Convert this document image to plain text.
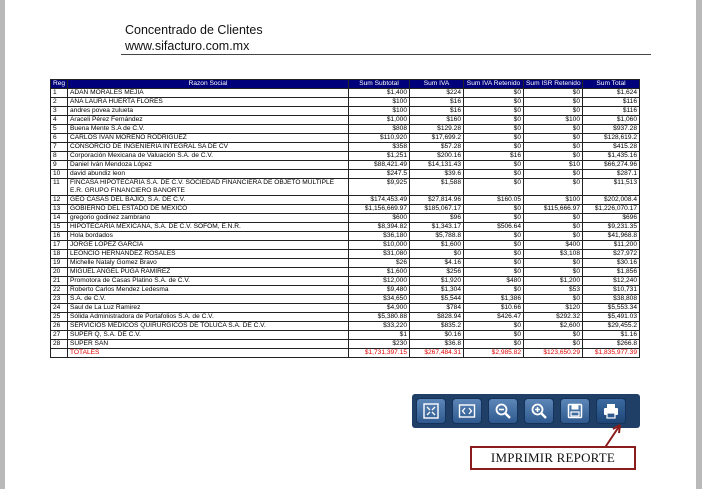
Concentrado de Clientes
www.sifacturo.com.mx
Reg	Razon Social	Sum Subtotal	Sum IVA	Sum IVA Retenido	Sum ISR Retenido	Sum Total
1	ADAN MORALES MEJIA	$1,400	$224	$0	$0	$1,624
2	ANA LAURA HUERTA FLORES	$100	$16	$0	$0	$116
3	andres povea zulueta	$100	$16	$0	$0	$116
4	Araceli Pérez Fernández	$1,000	$160	$0	$100	$1,060
5	Buena Mente S.A de C.V.	$808	$129.28	$0	$0	$937.28
6	CARLOS IVAN MORENO RODRIGUEZ	$110,920	$17,699.2	$0	$0	$128,619.2
7	CONSORCIO DE INGENIERIA INTEGRAL SA DE CV	$358	$57.28	$0	$0	$415.28
8	Corporación Mexicana de Valuación S.A. de C.V.	$1,251	$200.16	$16	$0	$1,435.16
9	Daniel Iván Mendoza López	$88,421.49	$14,131.43	$0	$10	$66,274.96
10	david abundiz leon	$247.5	$39.6	$0	$0	$287.1
11	FINCASA HIPOTECARIA S.A. DE C.V. SOCIEDAD FINANCIERA DE OBJETO MULTIPLE E.R. GRUPO FINANCIERO BANORTE	$9,925	$1,588	$0	$0	$11,513
12	GEO CASAS DEL BAJIO, S.A. DE C.V.	$174,453.49	$27,814.96	$160.05	$100	$202,008.4
13	GOBIERNO DEL ESTADO DE MEXICO	$1,156,669.97	$185,067.17	$0	$115,666.97	$1,226,070.17
14	gregorio godinez zambrano	$600	$96	$0	$0	$696
15	HIPOTECARIA MEXICANA, S.A. DE C.V. SOFOM, E.N.R.	$8,394.82	$1,343.17	$506.64	$0	$9,231.35
16	Hola bordados	$36,180	$5,788.8	$0	$0	$41,968.8
17	JORGE LOPEZ GARCIA	$10,000	$1,600	$0	$400	$11,200
18	LEONCIO HERNANDEZ ROSALES	$31,080	$0	$0	$3,108	$27,972
19	Michelle Nataly Gomez Bravo	$26	$4.16	$0	$0	$30.16
20	MIGUEL ANGEL PUGA RAMIREZ	$1,600	$256	$0	$0	$1,856
21	Promotora de Casas Platino S.A. de C.V.	$12,000	$1,920	$480	$1,200	$12,240
22	Roberto Carlos Mendez Ledesma	$9,480	$1,304	$0	$53	$10,731
23	S.A. de C.V.	$34,650	$5,544	$1,386	$0	$38,808
24	Saul de La Luz Ramirez	$4,900	$784	$10.66	$120	$5,553.34
25	Sólida Administradora de Portafolios S.A. de C.V.	$5,380.88	$828.94	$426.47	$292.32	$5,491.03
26	SERVICIOS MEDICOS QUIRURGICOS DE TOLUCA S.A. DE C.V.	$33,220	$835.2	$0	$2,600	$29,455.2
27	SUPER Q, S.A. DE C.V.	$1	$0.16	$0	$0	$1.16
28	SUPER SAN	$230	$36.8	$0	$0	$266.8
	TOTALES	$1,731,397.15	$267,484.31	$2,985.82	$123,650.29	$1,835,977.39
IMPRIMIR REPORTE
